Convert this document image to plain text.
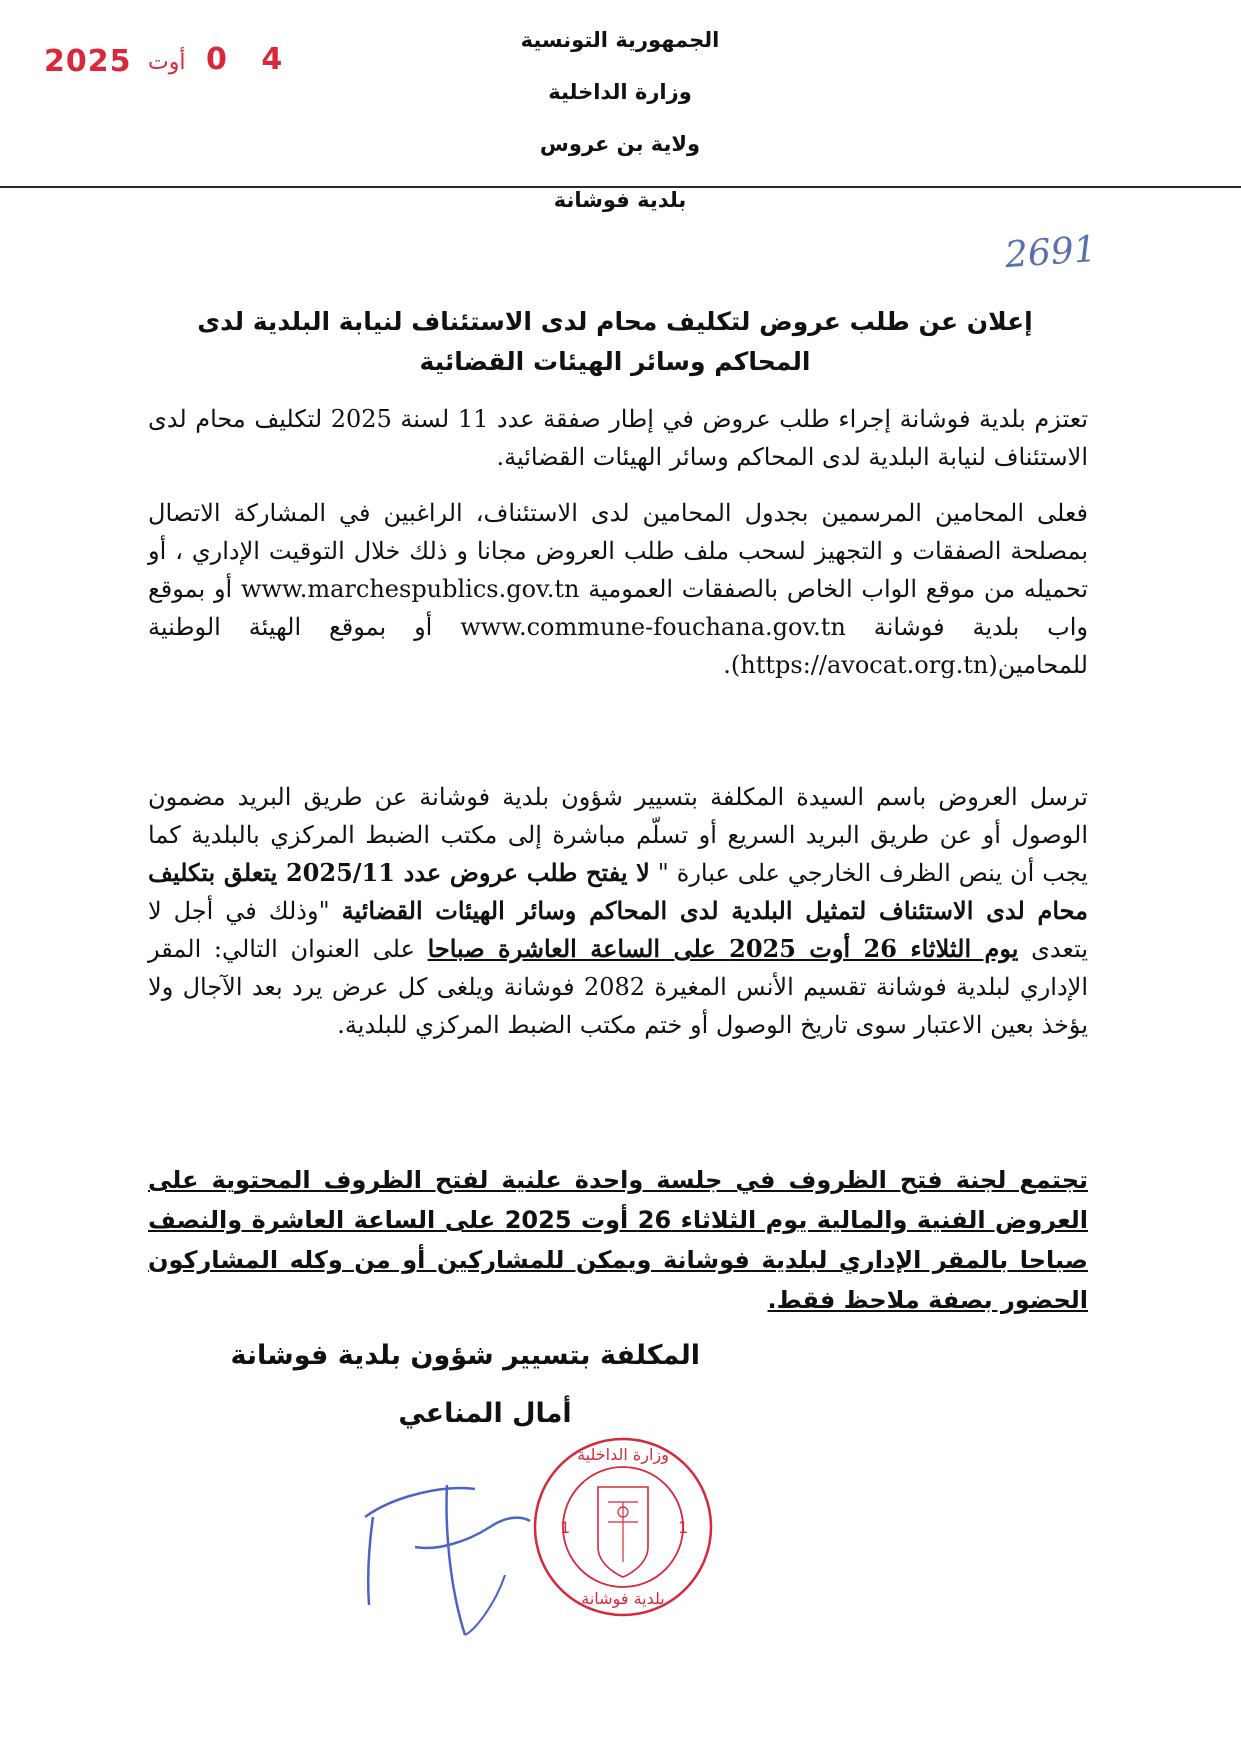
2025 أوت 0 4
الجمهورية التونسية
وزارة الداخلية
ولاية بن عروس
بلدية فوشانة
2691
إعلان عن طلب عروض لتكليف محام لدى الاستئناف لنيابة البلدية لدى المحاكم وسائر الهيئات القضائية
تعتزم بلدية فوشانة إجراء طلب عروض في إطار صفقة عدد 11 لسنة 2025 لتكليف محام لدى الاستئناف لنيابة البلدية لدى المحاكم وسائر الهيئات القضائية.
فعلى المحامين المرسمين بجدول المحامين لدى الاستئناف، الراغبين في المشاركة الاتصال بمصلحة الصفقات و التجهيز لسحب ملف طلب العروض مجانا و ذلك خلال التوقيت الإداري ، أو تحميله من موقع الواب الخاص بالصفقات العمومية www.marchespublics.gov.tn أو بموقع واب بلدية فوشانة www.commune-fouchana.gov.tn أو بموقع الهيئة الوطنية للمحامين(https://avocat.org.tn).
ترسل العروض باسم السيدة المكلفة بتسيير شؤون بلدية فوشانة عن طريق البريد مضمون الوصول أو عن طريق البريد السريع أو تسلّم مباشرة إلى مكتب الضبط المركزي بالبلدية كما يجب أن ينص الظرف الخارجي على عبارة " لا يفتح طلب عروض عدد 2025/11 يتعلق بتكليف محام لدى الاستئناف لتمثيل البلدية لدى المحاكم وسائر الهيئات القضائية "وذلك في أجل لا يتعدى يوم الثلاثاء 26 أوت 2025 على الساعة العاشرة صباحا على العنوان التالي: المقر الإداري لبلدية فوشانة تقسيم الأنس المغيرة 2082 فوشانة ويلغى كل عرض يرد بعد الآجال ولا يؤخذ بعين الاعتبار سوى تاريخ الوصول أو ختم مكتب الضبط المركزي للبلدية.
تجتمع لجنة فتح الظروف في جلسة واحدة علنية لفتح الظروف المحتوية على العروض الفنية والمالية يوم الثلاثاء 26 أوت 2025 على الساعة العاشرة والنصف صباحا بالمقر الإداري لبلدية فوشانة ويمكن للمشاركين أو من وكله المشاركون الحضور بصفة ملاحظ فقط.
المكلفة بتسيير شؤون بلدية فوشانة
أمال المناعي
1	1
وزارة الداخلية
بلدية فوشانة
